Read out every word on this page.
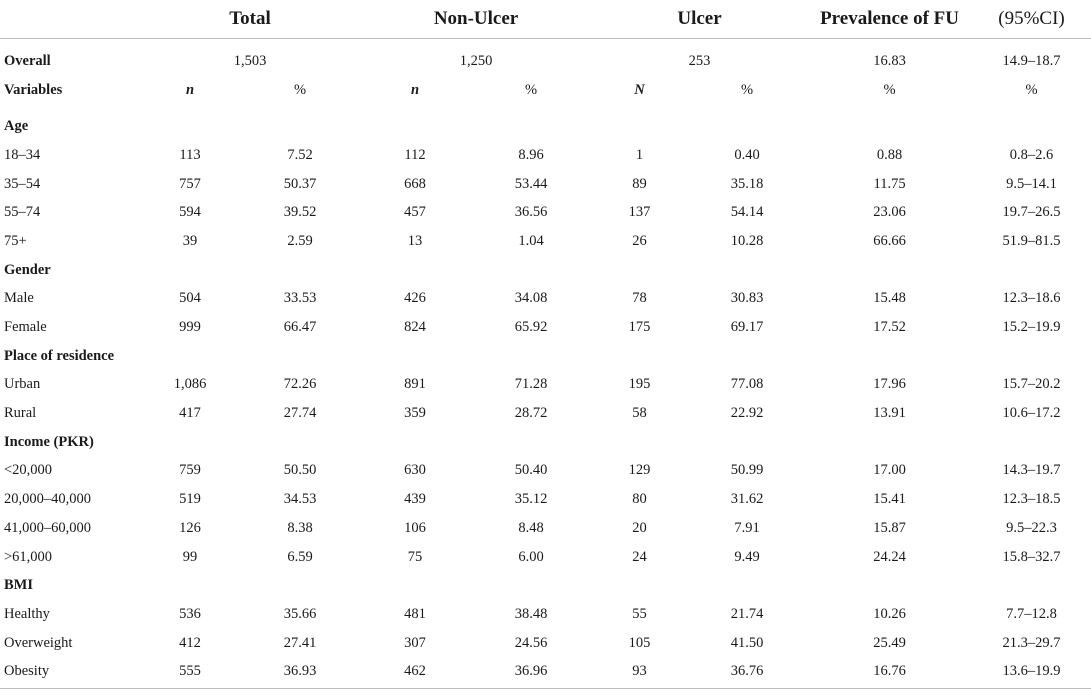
	Total		Non-Ulcer		Ulcer		Prevalence of FU	(95%CI)
Overall	1,503		1,250		253		16.83	14.9–18.7
Variables	n	%	n	%	N	%	%	%
Age								
18–34	113	7.52	112	8.96	1	0.40	0.88	0.8–2.6
35–54	757	50.37	668	53.44	89	35.18	11.75	9.5–14.1
55–74	594	39.52	457	36.56	137	54.14	23.06	19.7–26.5
75+	39	2.59	13	1.04	26	10.28	66.66	51.9–81.5
Gender								
Male	504	33.53	426	34.08	78	30.83	15.48	12.3–18.6
Female	999	66.47	824	65.92	175	69.17	17.52	15.2–19.9
Place of residence								
Urban	1,086	72.26	891	71.28	195	77.08	17.96	15.7–20.2
Rural	417	27.74	359	28.72	58	22.92	13.91	10.6–17.2
Income (PKR)								
<20,000	759	50.50	630	50.40	129	50.99	17.00	14.3–19.7
20,000–40,000	519	34.53	439	35.12	80	31.62	15.41	12.3–18.5
41,000–60,000	126	8.38	106	8.48	20	7.91	15.87	9.5–22.3
>61,000	99	6.59	75	6.00	24	9.49	24.24	15.8–32.7
BMI								
Healthy	536	35.66	481	38.48	55	21.74	10.26	7.7–12.8
Overweight	412	27.41	307	24.56	105	41.50	25.49	21.3–29.7
Obesity	555	36.93	462	36.96	93	36.76	16.76	13.6–19.9
